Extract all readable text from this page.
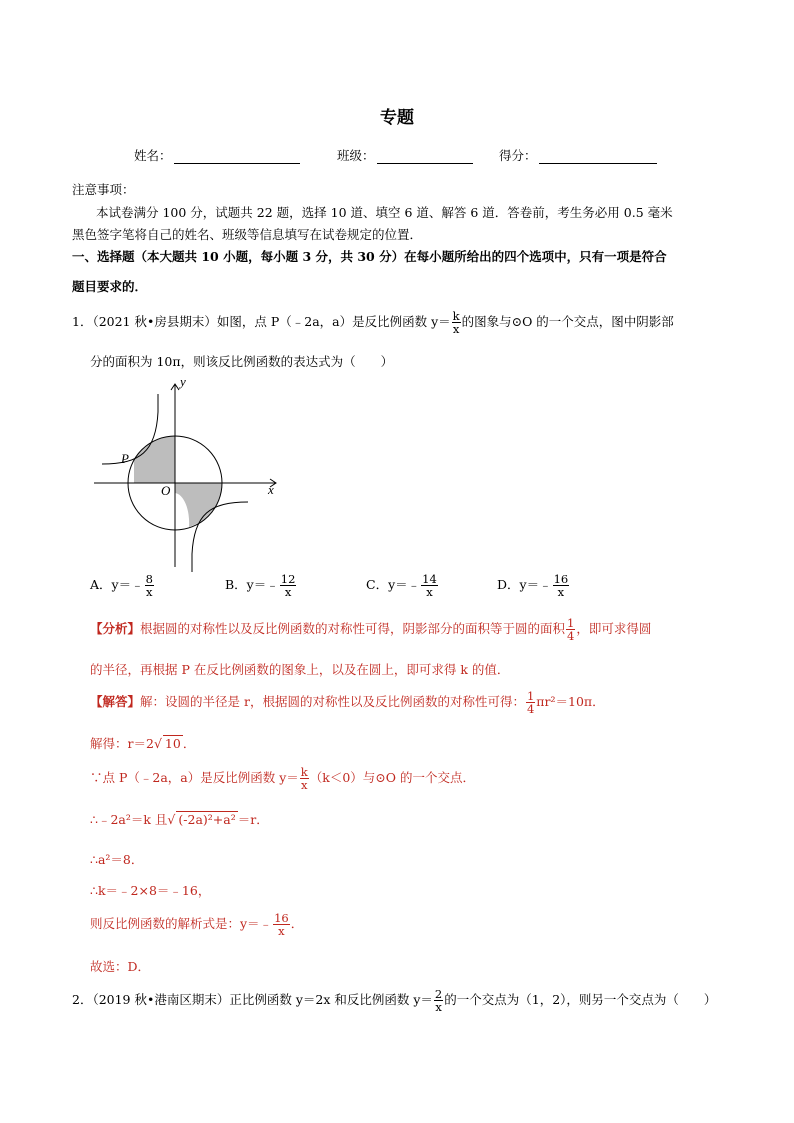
专题
姓名：	班级：	得分：
注意事项：
本试卷满分 100 分，试题共 22 题，选择 10 道、填空 6 道、解答 6 道．答卷前，考生务必用 0.5 毫米
黑色签字笔将自己的姓名、班级等信息填写在试卷规定的位置．
一、选择题（本大题共 10 小题，每小题 3 分，共 30 分）在每小题所给出的四个选项中，只有一项是符合
题目要求的．
1．（2021 秋•房县期末）如图，点 P（﹣2a，a）是反比例函数 $y= \frac{k}{x}$ 的图象与⊙O 的一个交点，图中阴影部
分的面积为 10π，则该反比例函数的表达式为（　　）
y
x
P
O
A．y＝﹣ $\frac{8}{x}$	B．y＝﹣ $\frac{12}{x}$	C．y＝﹣ $\frac{14}{x}$	D．y＝﹣ $\frac{16}{x}$
【分析】根据圆的对称性以及反比例函数的对称性可得，阴影部分的面积等于圆的面积 $\frac{1}{4}$ ，即可求得圆
的半径，再根据 P 在反比例函数的图象上，以及在圆上，即可求得 k 的值．
【解答】解：设圆的半径是 r，根据圆的对称性以及反比例函数的对称性可得： $\frac{1}{4} \pi r^2=10\pi$．
解得：r＝2√ 10 ．
∵点 P（﹣2a，a）是反比例函数 $y= \frac{k}{x} (k<0)$与⊙O 的一个交点．
∴﹣2a²＝k 且√ (-2a)²+a² ＝r．
∴a²＝8．
∴k＝﹣2×8＝﹣16，
则反比例函数的解析式是：y＝﹣ $\frac{16}{x}$ ．
故选：D．
2．（2019 秋•港南区期末）正比例函数 y＝2x 和反比例函数 $y= \frac{2}{x}$ 的一个交点为（1，2），则另一个交点为（　　）
